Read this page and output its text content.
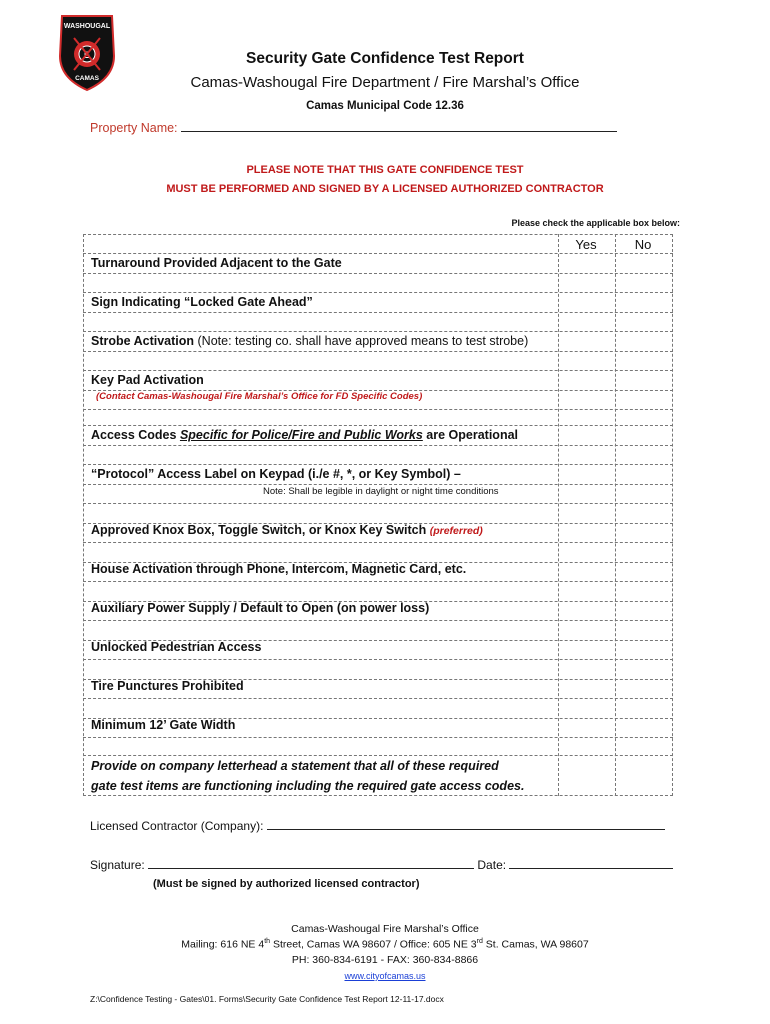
WASHOUGAL
CAMAS
Security Gate Confidence Test Report
Camas-Washougal Fire Department / Fire Marshal’s Office
Camas Municipal Code 12.36
Property Name:
PLEASE NOTE THAT THIS GATE CONFIDENCE TEST
MUST BE PERFORMED AND SIGNED BY A LICENSED AUTHORIZED CONTRACTOR
Please check the applicable box below:
Yes	No
Turnaround Provided Adjacent to the Gate
Sign Indicating “Locked Gate Ahead”
Strobe Activation (Note: testing co. shall have approved means to test strobe)
Key Pad Activation
(Contact Camas-Washougal Fire Marshal’s Office for FD Specific Codes)
Access Codes Specific for Police/Fire and Public Works are Operational
“Protocol” Access Label on Keypad (i./e #, *, or Key Symbol) –
Note: Shall be legible in daylight or night time conditions
Approved Knox Box, Toggle Switch, or Knox Key Switch (preferred)
House Activation through Phone, Intercom, Magnetic Card, etc.
Auxiliary Power Supply / Default to Open (on power loss)
Unlocked Pedestrian Access
Tire Punctures Prohibited
Minimum 12’ Gate Width
Provide on company letterhead a statement that all of these required
gate test items are functioning including the required gate access codes.
Licensed Contractor (Company):
Signature:	Date:
(Must be signed by authorized licensed contractor)
Camas-Washougal Fire Marshal’s Office
Mailing: 616 NE 4th Street, Camas WA 98607 / Office: 605 NE 3rd St. Camas, WA 98607
PH: 360-834-6191 - FAX: 360-834-8866
www.cityofcamas.us
Z:\Confidence Testing - Gates\01. Forms\Security Gate Confidence Test Report 12-11-17.docx
